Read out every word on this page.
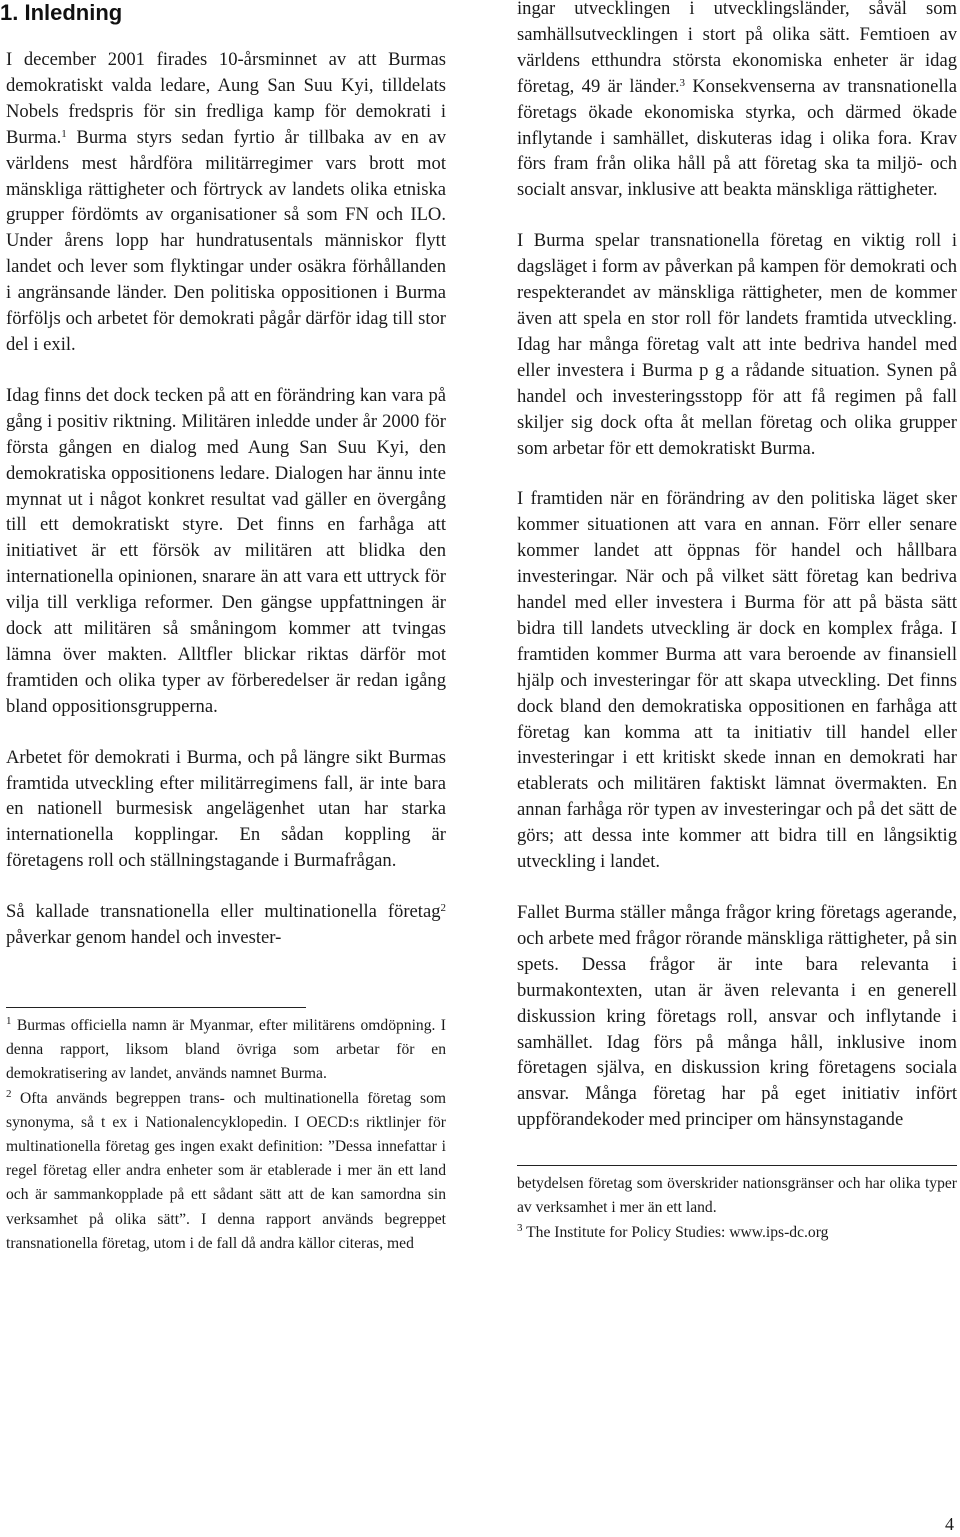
1. Inledning

I december 2001 firades 10-årsminnet av att Burmas demokratiskt valda ledare, Aung San Suu Kyi, tilldelats Nobels fredspris för sin fredliga kamp för demokrati i Burma.$^1$ Burma styrs sedan fyrtio år tillbaka av en av världens mest hårdföra militärregimer vars brott mot mänskliga rättigheter och förtryck av landets olika etniska grupper fördömts av organisationer så som FN och ILO. Under årens lopp har hundratusentals människor flytt landet och lever som flyktingar under osäkra förhållanden i angränsande länder. Den politiska oppositionen i Burma förföljs och arbetet för demokrati pågår därför idag till stor del i exil.

Idag finns det dock tecken på att en förändring kan vara på gång i positiv riktning. Militären inledde under år 2000 för första gången en dialog med Aung San Suu Kyi, den demokratiska oppositionens ledare. Dialogen har ännu inte mynnat ut i något konkret resultat vad gäller en övergång till ett demokratiskt styre. Det finns en farhåga att initiativet är ett försök av militären att blidka den internationella opinionen, snarare än att vara ett uttryck för vilja till verkliga reformer. Den gängse uppfattningen är dock att militären så småningom kommer att tvingas lämna över makten. Alltfler blickar riktas därför mot framtiden och olika typer av förberedelser är redan igång bland oppositionsgrupperna.

Arbetet för demokrati i Burma, och på längre sikt Burmas framtida utveckling efter militärregimens fall, är inte bara en nationell burmesisk angelägenhet utan har starka internationella kopplingar. En sådan koppling är företagens roll och ställningstagande i Burmafrågan.

Så kallade transnationella eller multinationella företag$^2$ påverkar genom handel och invester-

$^1$ Burmas officiella namn är Myanmar, efter militärens omdöpning. I denna rapport, liksom bland övriga som arbetar för en demokratisering av landet, används namnet Burma.

$^2$ Ofta används begreppen trans- och multinationella företag som synonyma, så t ex i Nationalencyklopedin. I OECD:s riktlinjer för multinationella företag ges ingen exakt definition: ”Dessa innefattar i regel företag eller andra enheter som är etablerade i mer än ett land och är sammankopplade på ett sådant sätt att de kan samordna sin verksamhet på olika sätt”. I denna rapport används begreppet transnationella företag, utom i de fall då andra källor citeras, med

ingar utvecklingen i utvecklingsländer, såväl som samhällsutvecklingen i stort på olika sätt. Femtioen av världens etthundra största ekonomiska enheter är idag företag, 49 är länder.$^3$ Konsekvenserna av transnationella företags ökade ekonomiska styrka, och därmed ökade inflytande i samhället, diskuteras idag i olika fora. Krav förs fram från olika håll på att företag ska ta miljö- och socialt ansvar, inklusive att beakta mänskliga rättigheter.

I Burma spelar transnationella företag en viktig roll i dagsläget i form av påverkan på kampen för demokrati och respekterandet av mänskliga rättigheter, men de kommer även att spela en stor roll för landets framtida utveckling. Idag har många företag valt att inte bedriva handel med eller investera i Burma p g a rådande situation. Synen på handel och investeringsstopp för att få regimen på fall skiljer sig dock ofta åt mellan företag och olika grupper som arbetar för ett demokratiskt Burma.

I framtiden när en förändring av den politiska läget sker kommer situationen att vara en annan. Förr eller senare kommer landet att öppnas för handel och hållbara investeringar. När och på vilket sätt företag kan bedriva handel med eller investera i Burma för att på bästa sätt bidra till landets utveckling är dock en komplex fråga. I framtiden kommer Burma att vara beroende av finansiell hjälp och investeringar för att skapa utveckling. Det finns dock bland den demokratiska oppositionen en farhåga att företag kan komma att ta initiativ till handel eller investeringar i ett kritiskt skede innan en demokrati har etablerats och militären faktiskt lämnat övermakten. En annan farhåga rör typen av investeringar och på det sätt de görs; att dessa inte kommer att bidra till en långsiktig utveckling i landet.

Fallet Burma ställer många frågor kring företags agerande, och arbete med frågor rörande mänskliga rättigheter, på sin spets. Dessa frågor är inte bara relevanta i burmakontexten, utan är även relevanta i en generell diskussion kring företags roll, ansvar och inflytande i samhället. Idag förs på många håll, inklusive inom företagen själva, en diskussion kring företagens sociala ansvar. Många företag har på eget initiativ infört uppförandekoder med principer om hänsynstagande

betydelsen företag som överskrider nationsgränser och har olika typer av verksamhet i mer än ett land.

$^3$ The Institute for Policy Studies: www.ips-dc.org

4
